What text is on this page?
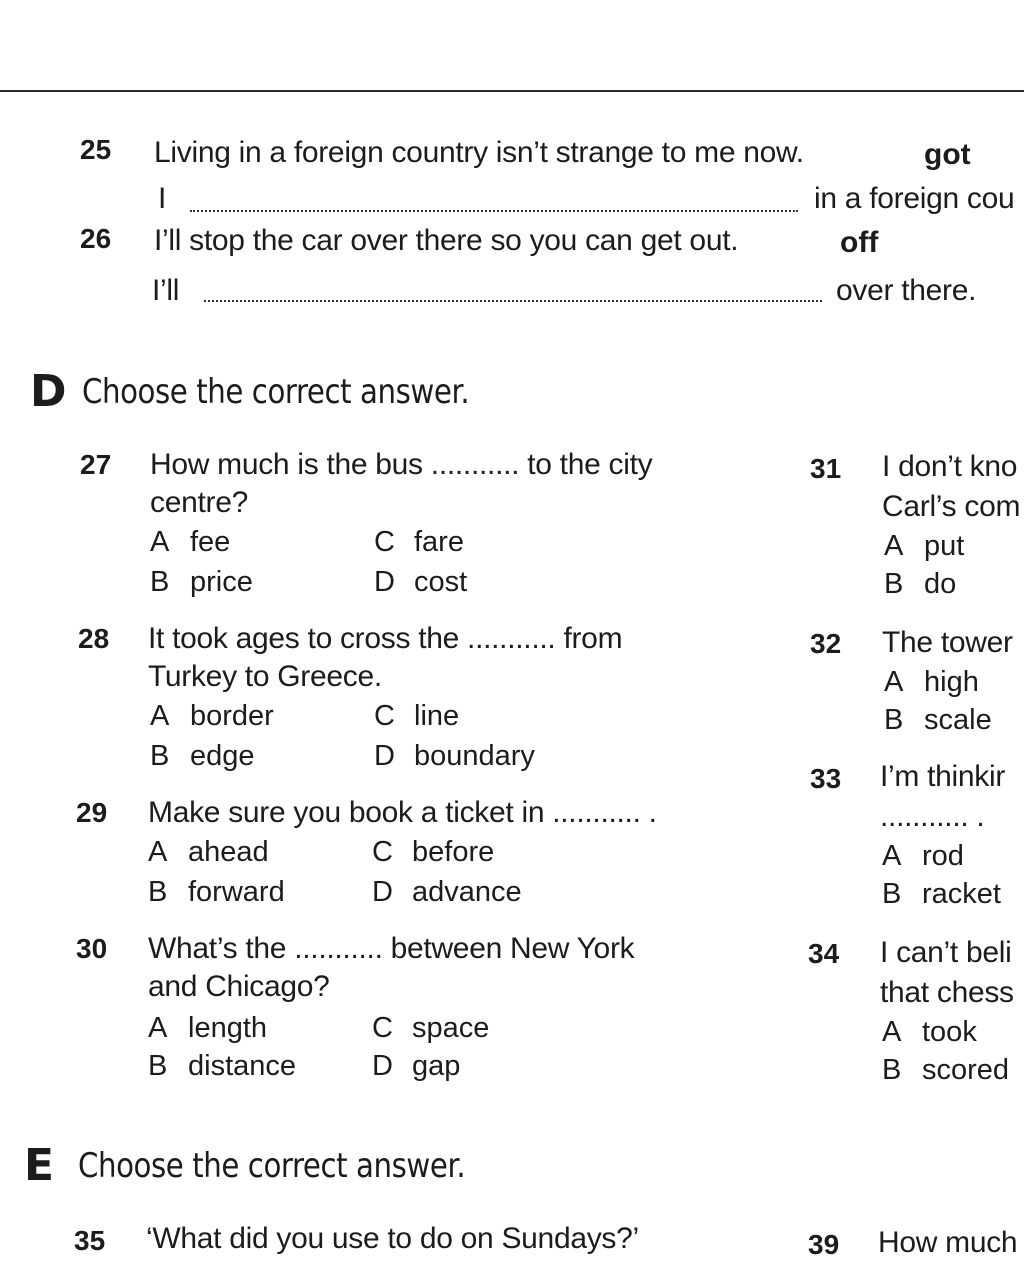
25 Living in a foreign country isn’t strange to me now.	got
I	in a foreign cou
26 I’ll stop the car over there so you can get out.	off
I’ll	over there.
D Choose the correct answer.
27 How much is the bus ........... to the city
centre?
A fee
B price
C fare
D cost
28 It took ages to cross the ........... from
Turkey to Greece.
A border
B edge
C line
D boundary
29 Make sure you book a ticket in ........... .
A ahead
B forward
C before
D advance
30 What’s the ........... between New York
and Chicago?
A length
B distance
C space
D gap
31 I don’t kno
Carl’s com
A put
B do
32 The tower
A high
B scale
33 I’m thinkir
........... .
A rod
B racket
34 I can’t beli
that chess
A took
B scored
E Choose the correct answer.
35 ‘What did you use to do on Sundays?’	39 How much
